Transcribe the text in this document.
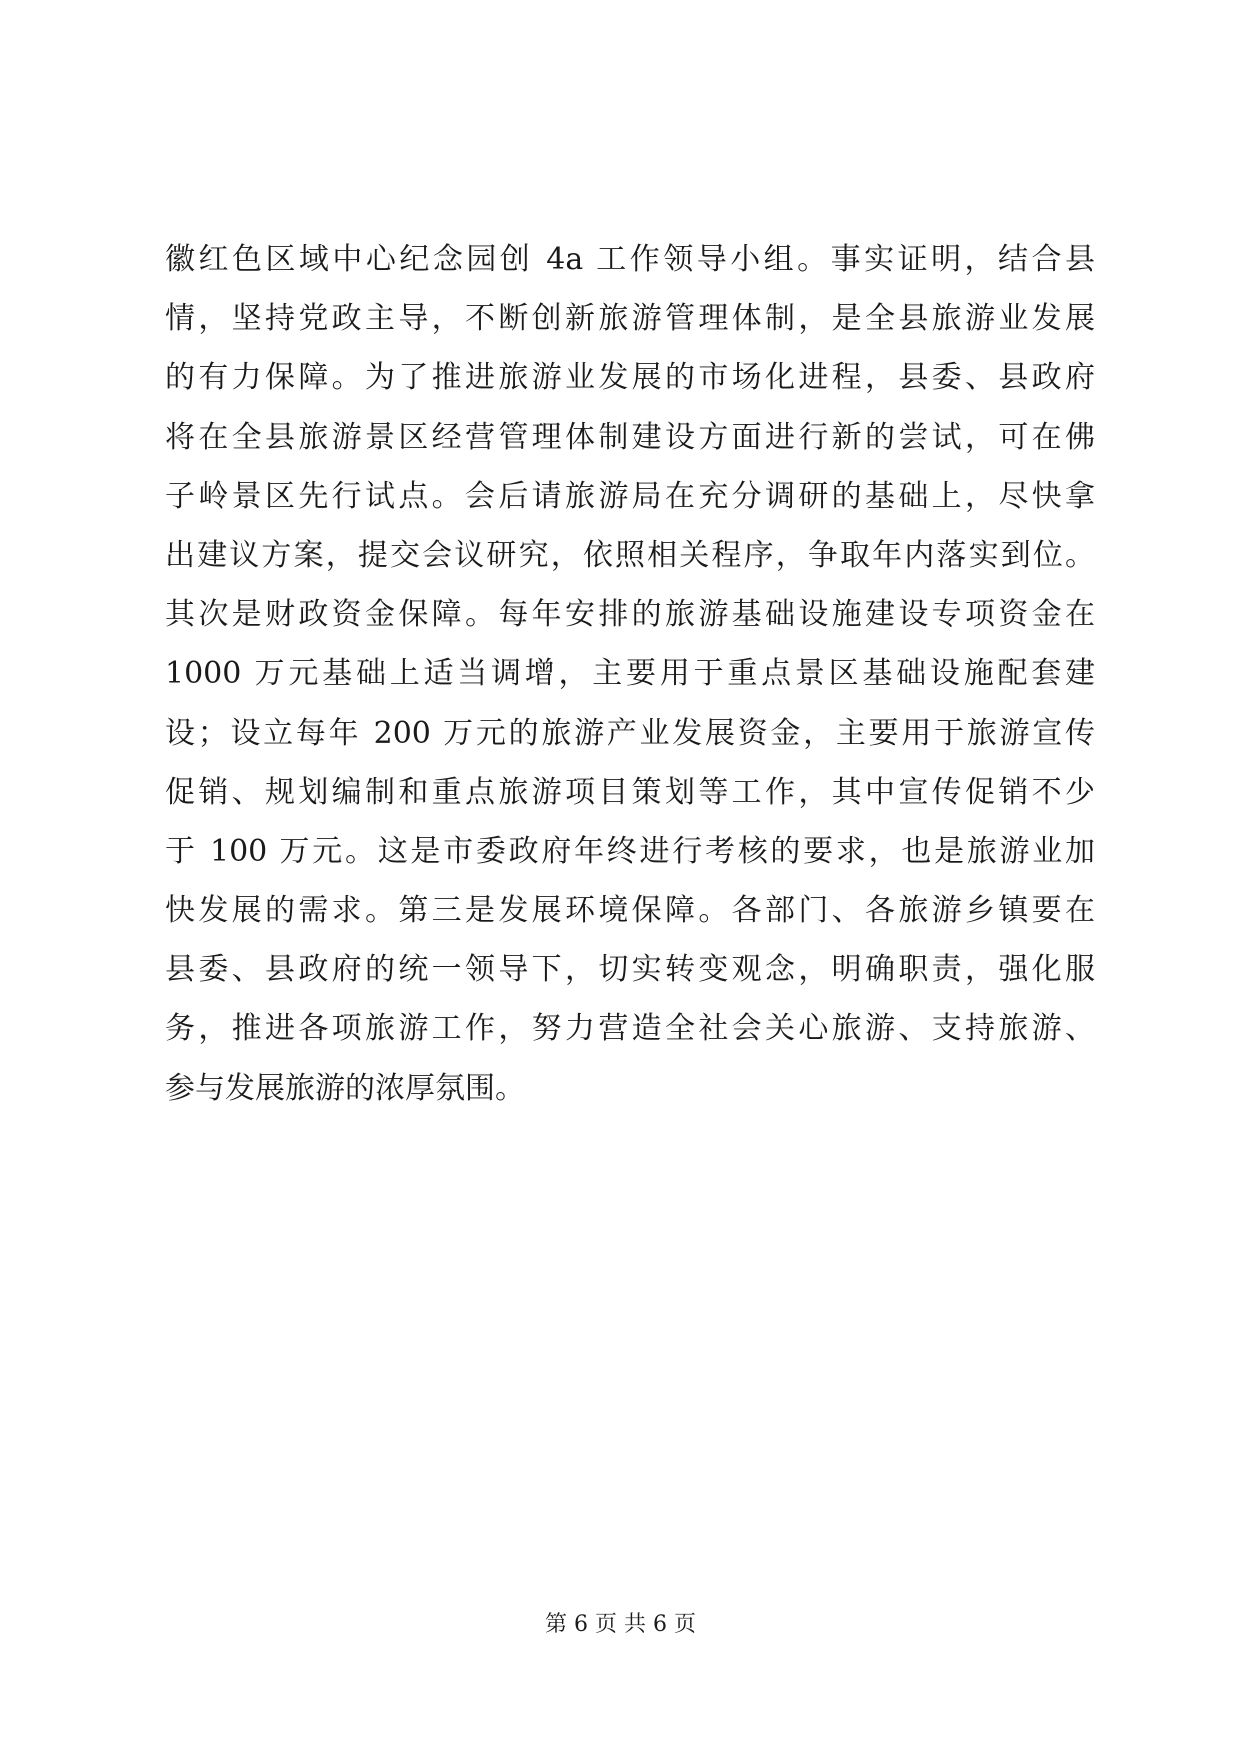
徽红色区域中心纪念园创 4a 工作领导小组。事实证明，结合县
情，坚持党政主导，不断创新旅游管理体制，是全县旅游业发展
的有力保障。为了推进旅游业发展的市场化进程，县委、县政府
将在全县旅游景区经营管理体制建设方面进行新的尝试，可在佛
子岭景区先行试点。会后请旅游局在充分调研的基础上，尽快拿
出建议方案，提交会议研究，依照相关程序，争取年内落实到位。
其次是财政资金保障。每年安排的旅游基础设施建设专项资金在
1000 万元基础上适当调增，主要用于重点景区基础设施配套建
设；设立每年 200 万元的旅游产业发展资金，主要用于旅游宣传
促销、规划编制和重点旅游项目策划等工作，其中宣传促销不少
于 100 万元。这是市委政府年终进行考核的要求，也是旅游业加
快发展的需求。第三是发展环境保障。各部门、各旅游乡镇要在
县委、县政府的统一领导下，切实转变观念，明确职责，强化服
务，推进各项旅游工作，努力营造全社会关心旅游、支持旅游、
参与发展旅游的浓厚氛围。
第 6 页 共 6 页
